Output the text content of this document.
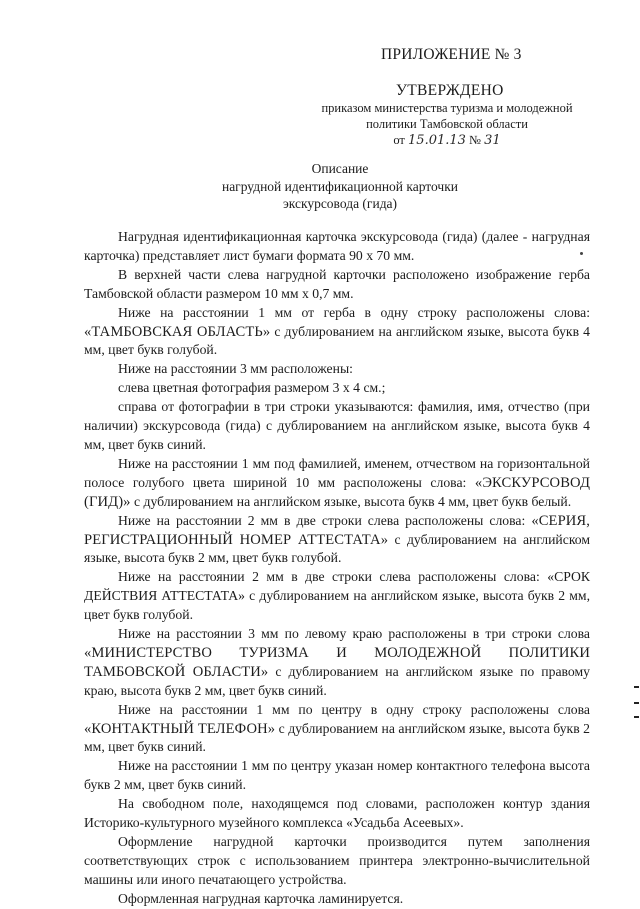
ПРИЛОЖЕНИЕ № 3
УТВЕРЖДЕНО
приказом министерства туризма и молодежной
политики Тамбовской области
от 15.01.13 № 31
Описание
нагрудной идентификационной карточки
экскурсовода (гида)

Нагрудная идентификационная карточка экскурсовода (гида) (далее - нагрудная карточка) представляет лист бумаги формата 90 х 70 мм.

В верхней части слева нагрудной карточки расположено изображение герба Тамбовской области размером 10 мм х 0,7 мм.

Ниже на расстоянии 1 мм от герба в одну строку расположены слова: «ТАМБОВСКАЯ ОБЛАСТЬ» с дублированием на английском языке, высота букв 4 мм, цвет букв голубой.

Ниже на расстоянии 3 мм расположены:

слева цветная фотография размером 3 х 4 см.;

справа от фотографии в три строки указываются: фамилия, имя, отчество (при наличии) экскурсовода (гида) с дублированием на английском языке, высота букв 4 мм, цвет букв синий.

Ниже на расстоянии 1 мм под фамилией, именем, отчеством на горизонтальной полосе голубого цвета шириной 10 мм расположены слова: «ЭКСКУРСОВОД (ГИД)» с дублированием на английском языке, высота букв 4 мм, цвет букв белый.

Ниже на расстоянии 2 мм в две строки слева расположены слова: «СЕРИЯ, РЕГИСТРАЦИОННЫЙ НОМЕР АТТЕСТАТА» с дублированием на английском языке, высота букв 2 мм, цвет букв голубой.

Ниже на расстоянии 2 мм в две строки слева расположены слова: «СРОК ДЕЙСТВИЯ АТТЕСТАТА» с дублированием на английском языке, высота букв 2 мм, цвет букв голубой.

Ниже на расстоянии 3 мм по левому краю расположены в три строки слова «МИНИСТЕРСТВО ТУРИЗМА И МОЛОДЕЖНОЙ ПОЛИТИКИ ТАМБОВСКОЙ ОБЛАСТИ» с дублированием на английском языке по правому краю, высота букв 2 мм, цвет букв синий.

Ниже на расстоянии 1 мм по центру в одну строку расположены слова «КОНТАКТНЫЙ ТЕЛЕФОН» с дублированием на английском языке, высота букв 2 мм, цвет букв синий.

Ниже на расстоянии 1 мм по центру указан номер контактного телефона высота букв 2 мм, цвет букв синий.

На свободном поле, находящемся под словами, расположен контур здания Историко-культурного музейного комплекса «Усадьба Асеевых».

Оформление нагрудной карточки производится путем заполнения соответствующих строк с использованием принтера электронно-вычислительной машины или иного печатающего устройства.

Оформленная нагрудная карточка ламинируется.
